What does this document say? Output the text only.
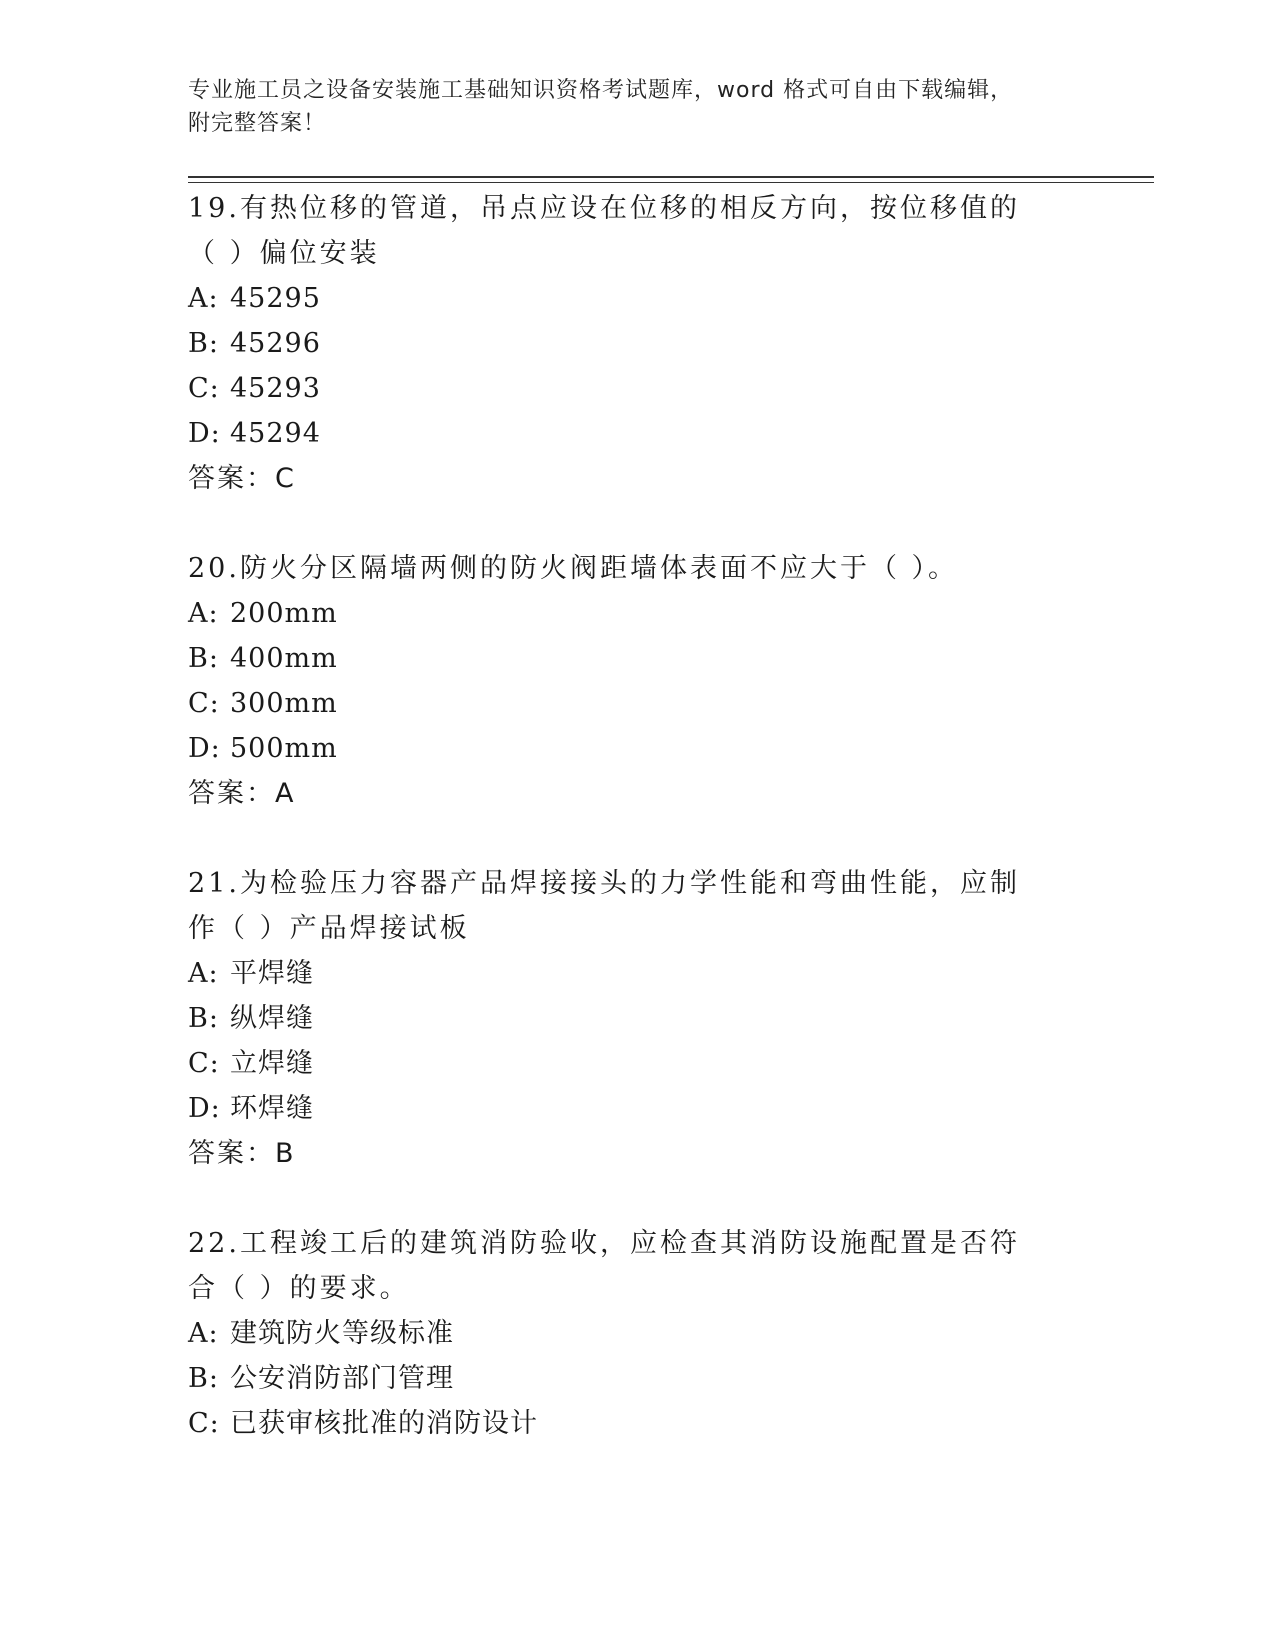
专业施工员之设备安装施工基础知识资格考试题库，word 格式可自由下载编辑，
附完整答案！

19.有热位移的管道，吊点应设在位移的相反方向，按位移值的（ ）偏位安装

A: 45295

B: 45296

C: 45293

D: 45294

答案：C

20.防火分区隔墙两侧的防火阀距墙体表面不应大于（ ）。

A: 200mm

B: 400mm

C: 300mm

D: 500mm

答案：A

21.为检验压力容器产品焊接接头的力学性能和弯曲性能，应制作（ ）产品焊接试板

A: 平焊缝

B: 纵焊缝

C: 立焊缝

D: 环焊缝

答案：B

22.工程竣工后的建筑消防验收，应检查其消防设施配置是否符合（ ）的要求。

A: 建筑防火等级标准

B: 公安消防部门管理

C: 已获审核批准的消防设计
